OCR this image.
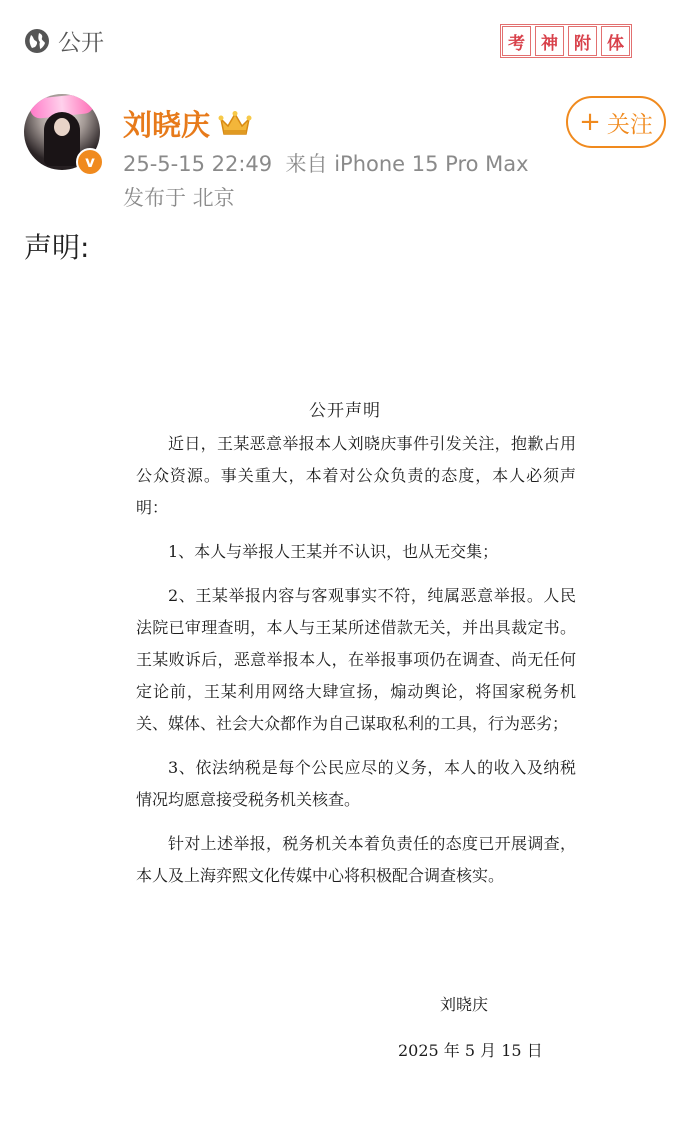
公开	考 神 附 体
v
刘晓庆
25-5-15 22:49 来自 iPhone 15 Pro Max
发布于 北京
+ 关注
声明:
公开声明

近日，王某恶意举报本人刘晓庆事件引发关注，抱歉占用公众资源。事关重大，本着对公众负责的态度，本人必须声明：

1、本人与举报人王某并不认识，也从无交集；

2、王某举报内容与客观事实不符，纯属恶意举报。人民法院已审理查明，本人与王某所述借款无关，并出具裁定书。王某败诉后，恶意举报本人，在举报事项仍在调查、尚无任何定论前，王某利用网络大肆宣扬，煽动舆论，将国家税务机关、媒体、社会大众都作为自己谋取私利的工具，行为恶劣；

3、依法纳税是每个公民应尽的义务，本人的收入及纳税情况均愿意接受税务机关核查。

针对上述举报，税务机关本着负责任的态度已开展调查，本人及上海弈熙文化传媒中心将积极配合调查核实。

刘晓庆
2025 年 5 月 15 日
